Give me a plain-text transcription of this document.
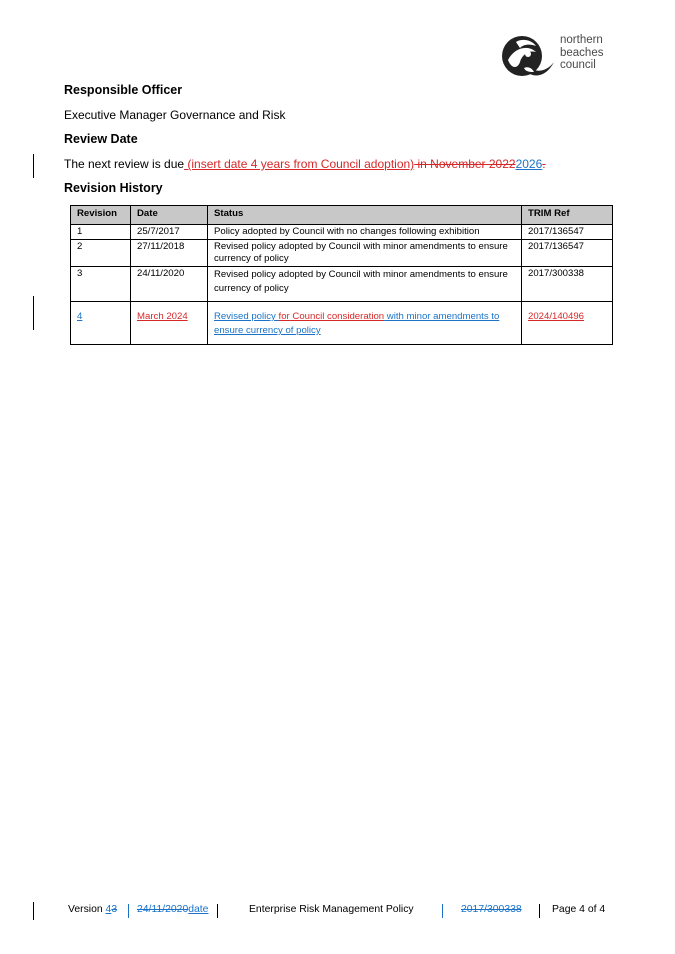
northern
beaches
council
Responsible Officer
Executive Manager Governance and Risk
Review Date
The next review is due (insert date 4 years from Council adoption) in November 20222026.
Revision History
Revision	Date	Status	TRIM Ref
1	25/7/2017	Policy adopted by Council with no changes following exhibition	2017/136547
2	27/11/2018	Revised policy adopted by Council with minor amendments to ensure currency of policy	2017/136547
3	24/11/2020	Revised policy adopted by Council with minor amendments to ensure currency of policy	2017/300338
4	March 2024	Revised policy for Council consideration with minor amendments to ensure currency of policy	2024/140496
Version 43 24/11/2020date	Enterprise Risk Management Policy	2017/300338	Page 4 of 4
